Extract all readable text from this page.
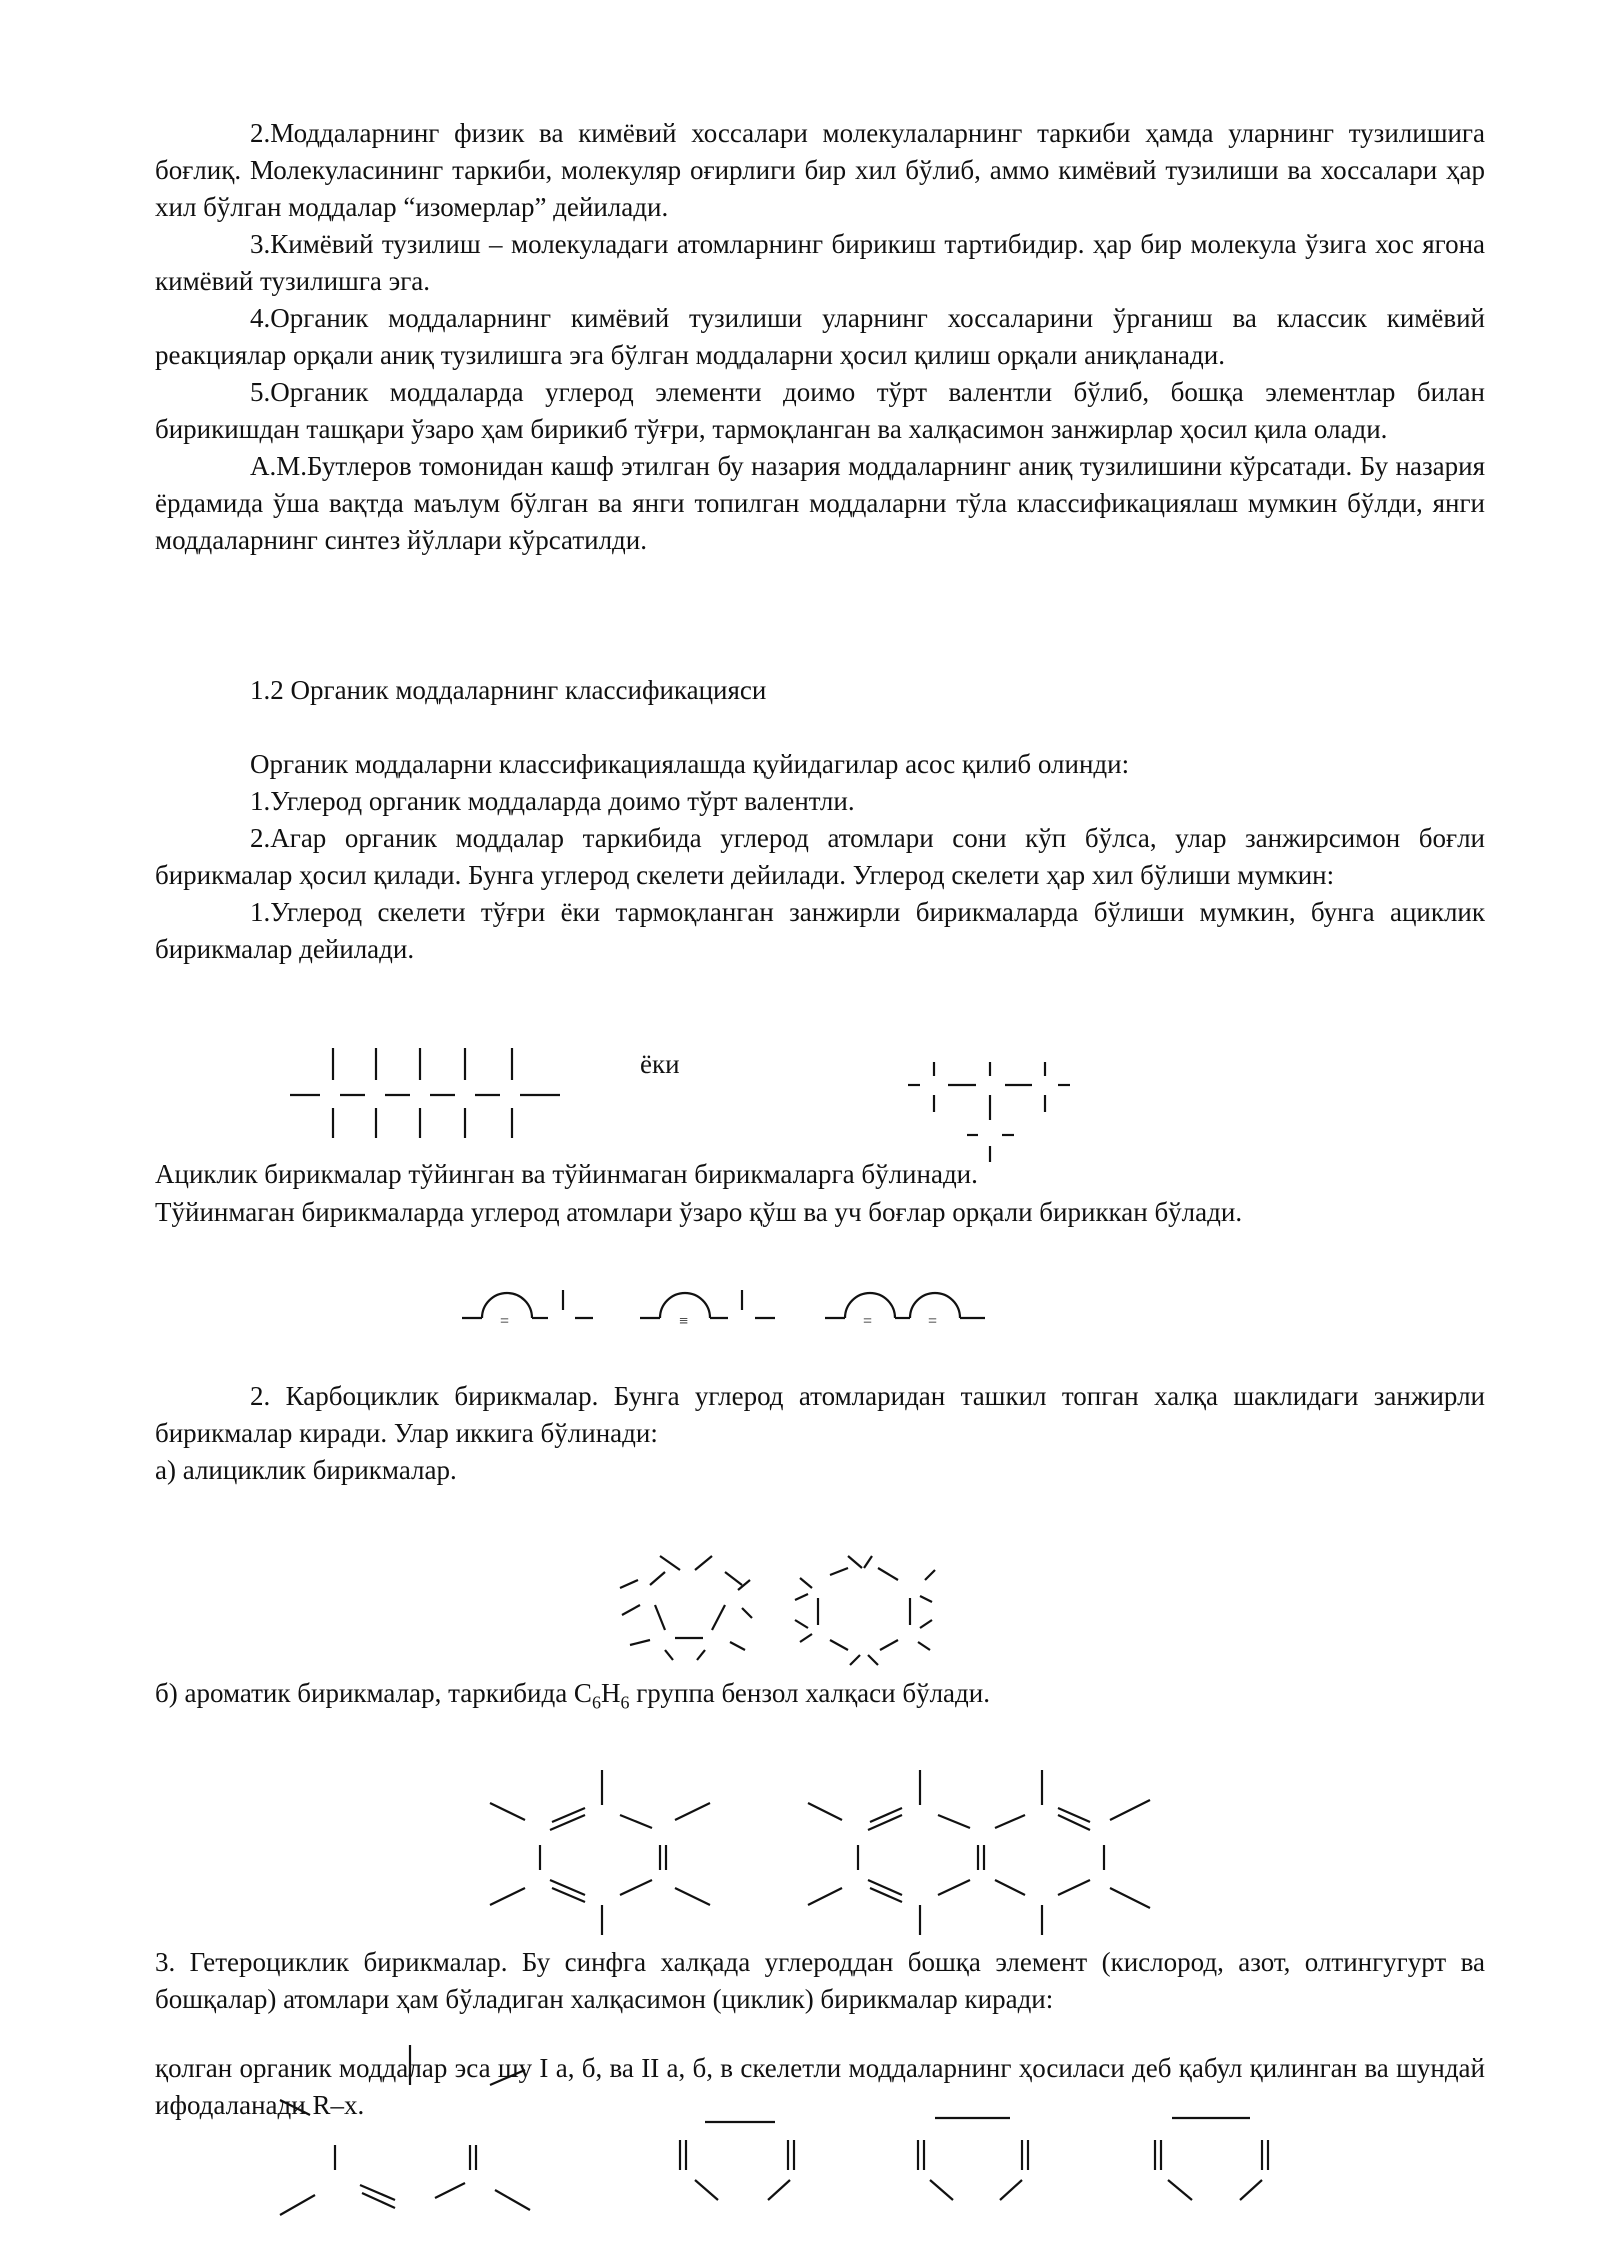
2.Моддаларнинг физик ва кимёвий хоссалари молекулаларнинг таркиби ҳамда уларнинг тузилишига боғлиқ. Молекуласининг таркиби, молекуляр оғирлиги бир хил бўлиб, аммо кимёвий тузилиши ва хоссалари ҳар хил бўлган моддалар “изомерлар” дейилади.

3.Кимёвий тузилиш – молекуладаги атомларнинг бирикиш тартибидир. ҳар бир молекула ўзига хос ягона кимёвий тузилишга эга.

4.Органик моддаларнинг кимёвий тузилиши уларнинг хоссаларини ўрганиш ва классик кимёвий реакциялар орқали аниқ тузилишга эга бўлган моддаларни ҳосил қилиш орқали аниқланади.

5.Органик моддаларда углерод элементи доимо тўрт валентли бўлиб, бошқа элементлар билан бирикишдан ташқари ўзаро ҳам бирикиб тўғри, тармоқланган ва халқасимон занжирлар ҳосил қила олади.

А.М.Бутлеров томонидан кашф этилган бу назария моддаларнинг аниқ тузилишини кўрсатади. Бу назария ёрдамида ўша вақтда маълум бўлган ва янги топилган моддаларни тўла классификациялаш мумкин бўлди, янги моддаларнинг синтез йўллари кўрсатилди.

1.2 Органик моддаларнинг классификацияси

Органик моддаларни классификациялашда қуйидагилар асос қилиб олинди:

1.Углерод органик моддаларда доимо тўрт валентли.

2.Агар органик моддалар таркибида углерод атомлари сони кўп бўлса, улар занжирсимон боғли бирикмалар ҳосил қилади. Бунга углерод скелети дейилади. Углерод скелети ҳар хил бўлиши мумкин:

1.Углерод скелети тўғри ёки тармоқланган занжирли бирикмаларда бўлиши мумкин, бунга ациклик бирикмалар дейилади.

ёки
Ациклик бирикмалар тўйинган ва тўйинмаган бирикмаларга бўлинади.
Тўйинмаган бирикмаларда углерод атомлари ўзаро қўш ва уч боғлар орқали бириккан бўлади.

2. Карбоциклик бирикмалар. Бунга углерод атомларидан ташкил топган халқа шаклидаги занжирли бирикмалар киради. Улар иккига бўлинади:

а) алициклик бирикмалар.

б) ароматик бирикмалар, таркибида $C_6H_6$ группа бензол халқаси бўлади.

3. Гетероциклик бирикмалар. Бу синфга халқада углероддан бошқа элемент (кислород, азот, олтингугурт ва бошқалар) атомлари ҳам бўладиган халқасимон (циклик) бирикмалар киради:

қолган органик моддалар эса шу I а, б, ва II а, б, в скелетли моддаларнинг ҳосиласи деб қабул қилинган ва шундай ифодаланади R–x.

=	≡	=	=
